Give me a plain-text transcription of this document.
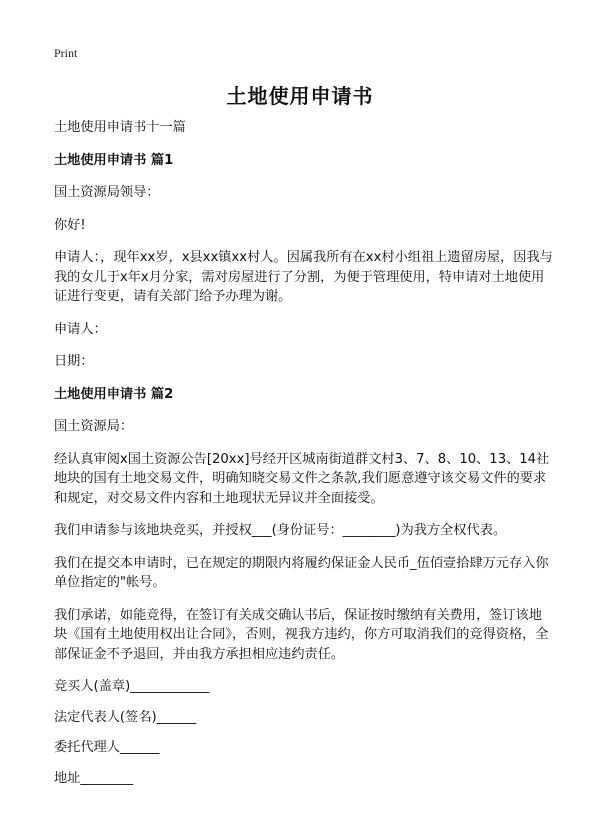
Print
土地使用申请书

土地使用申请书十一篇

土地使用申请书 篇1

国土资源局领导：

你好!

申请人：，现年xx岁，x县xx镇xx村人。因属我所有在xx村小组祖上遗留房屋，因我与我的女儿于x年x月分家，需对房屋进行了分割，为便于管理使用，特申请对土地使用证进行变更，请有关部门给予办理为谢。

申请人：

日期：

土地使用申请书 篇2

国土资源局：

经认真审阅x国土资源公告[20xx]号经开区城南街道群文村3、7、8、10、13、14社地块的国有土地交易文件，明确知晓交易文件之条款,我们愿意遵守该交易文件的要求和规定，对交易文件内容和土地现状无异议并全面接受。

我们申请参与该地块竞买，并授权___(身份证号：________)为我方全权代表。

我们在提交本申请时，已在规定的期限内将履约保证金人民币_伍佰壹拾肆万元存入你单位指定的"帐号。

我们承诺，如能竞得，在签订有关成交确认书后，保证按时缴纳有关费用，签订该地块《国有土地使用权出让合同》，否则，视我方违约，你方可取消我们的竞得资格，全部保证金不予退回，并由我方承担相应违约责任。

竞买人(盖章)____________

法定代表人(签名)______

委托代理人______

地址________
